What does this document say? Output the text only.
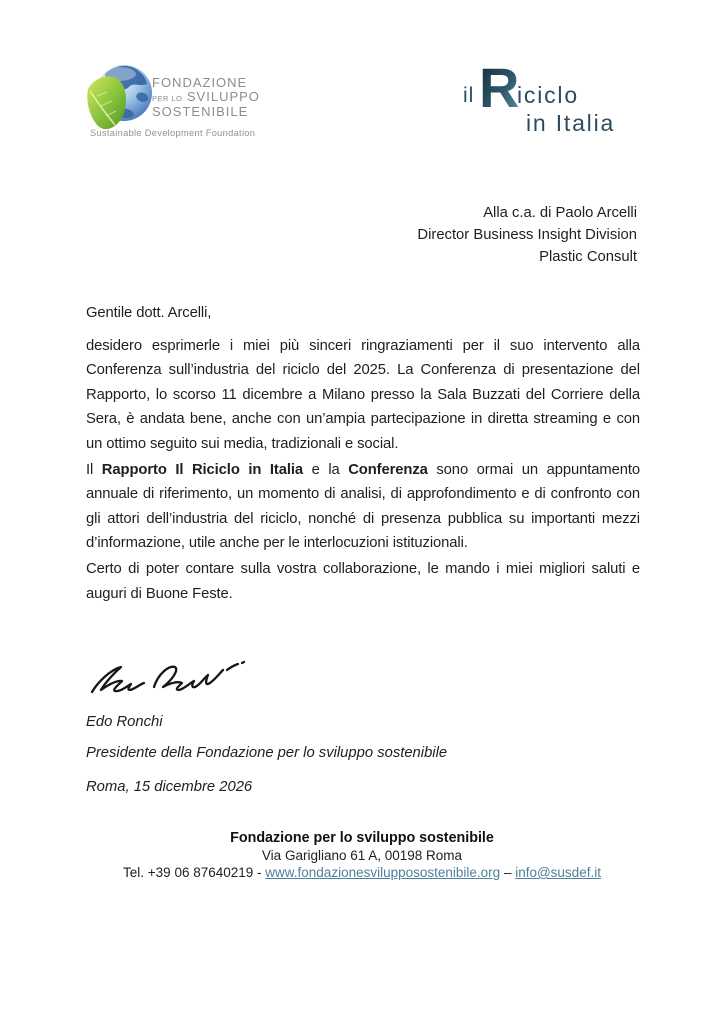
FONDAZIONE
PER LO SVILUPPO
SOSTENIBILE
Sustainable Development Foundation
il R
iciclo
in Italia
Alla c.a. di Paolo Arcelli
Director Business Insight Division
Plastic Consult
Gentile dott. Arcelli,
desidero esprimerle i miei più sinceri ringraziamenti per il suo intervento alla Conferenza sull’industria del riciclo del 2025. La Conferenza di presentazione del Rapporto, lo scorso 11 dicembre a Milano presso la Sala Buzzati del Corriere della Sera, è andata bene, anche con un’ampia partecipazione in diretta streaming e con un ottimo seguito sui media, tradizionali e social.
Il Rapporto Il Riciclo in Italia e la Conferenza sono ormai un appuntamento annuale di riferimento, un momento di analisi, di approfondimento e di confronto con gli attori dell’industria del riciclo, nonché di presenza pubblica su importanti mezzi d’informazione, utile anche per le interlocuzioni istituzionali.
Certo di poter contare sulla vostra collaborazione, le mando i miei migliori saluti e auguri di Buone Feste.
Edo Ronchi
Presidente della Fondazione per lo sviluppo sostenibile
Roma, 15 dicembre 2026
Fondazione per lo sviluppo sostenibile
Via Garigliano 61 A, 00198 Roma
Tel. +39 06 87640219 - www.fondazionesvilupposostenibile.org – info@susdef.it
